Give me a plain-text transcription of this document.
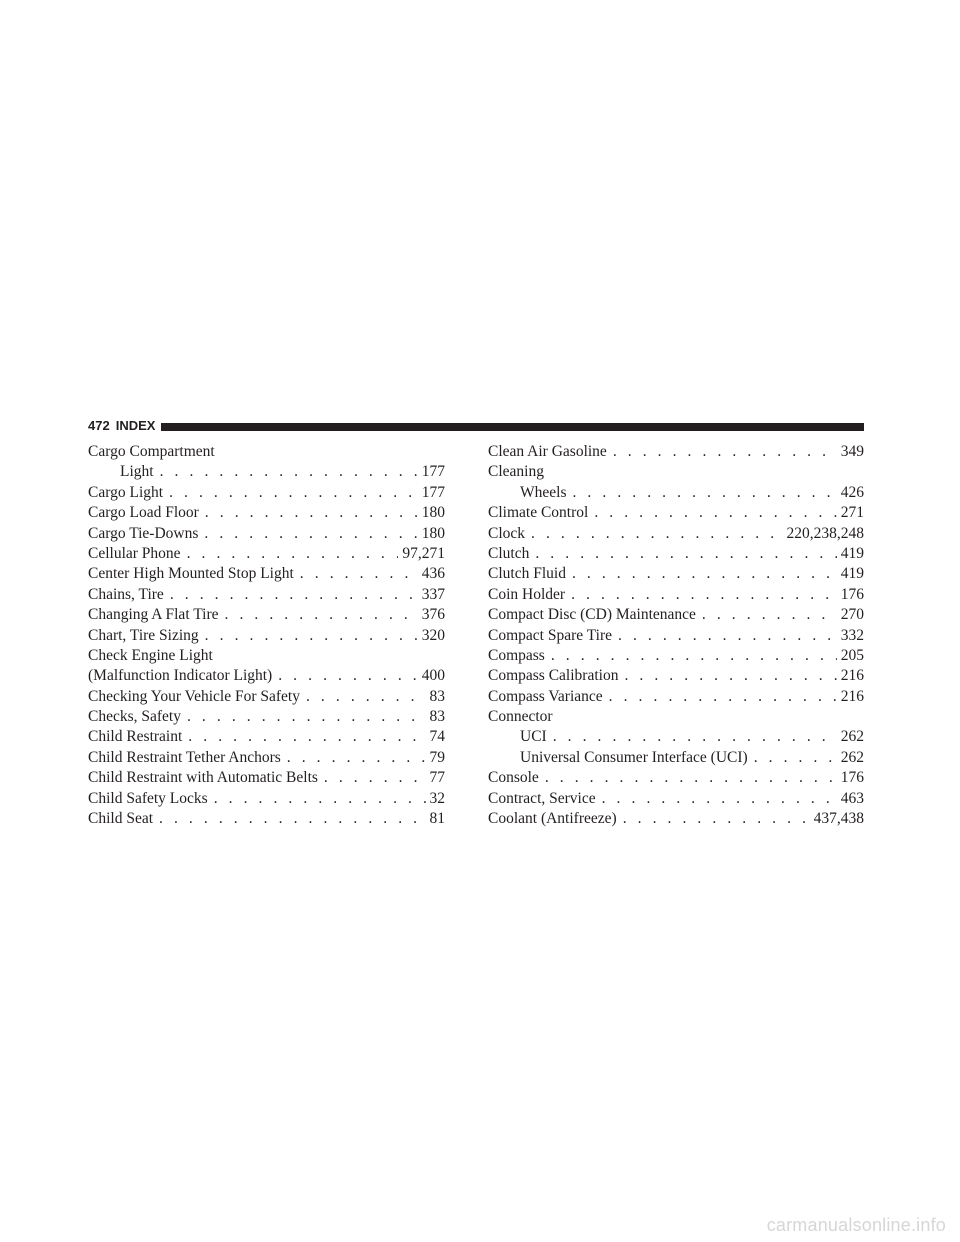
472 INDEX
Cargo Compartment
Light . . .	177
Cargo Light . . .	177
Cargo Load Floor . . .	180
Cargo Tie-Downs . . .	180
Cellular Phone . . .	97,271
Center High Mounted Stop Light . . .	436
Chains, Tire . . .	337
Changing A Flat Tire . . .	376
Chart, Tire Sizing . . .	320
Check Engine Light
(Malfunction Indicator Light) . . .	400
Checking Your Vehicle For Safety . . .	83
Checks, Safety . . .	83
Child Restraint . . .	74
Child Restraint Tether Anchors . . .	79
Child Restraint with Automatic Belts . . .	77
Child Safety Locks . . .	32
Child Seat . . .	81
Clean Air Gasoline . . .	349
Cleaning
Wheels . . .	426
Climate Control . . .	271
Clock . . .	220,238,248
Clutch . . .	419
Clutch Fluid . . .	419
Coin Holder . . .	176
Compact Disc (CD) Maintenance . . .	270
Compact Spare Tire . . .	332
Compass . . .	205
Compass Calibration . . .	216
Compass Variance . . .	216
Connector
UCI . . .	262
Universal Consumer Interface (UCI) . . .	262
Console . . .	176
Contract, Service . . .	463
Coolant (Antifreeze) . . .	437,438
carmanualsonline.info
